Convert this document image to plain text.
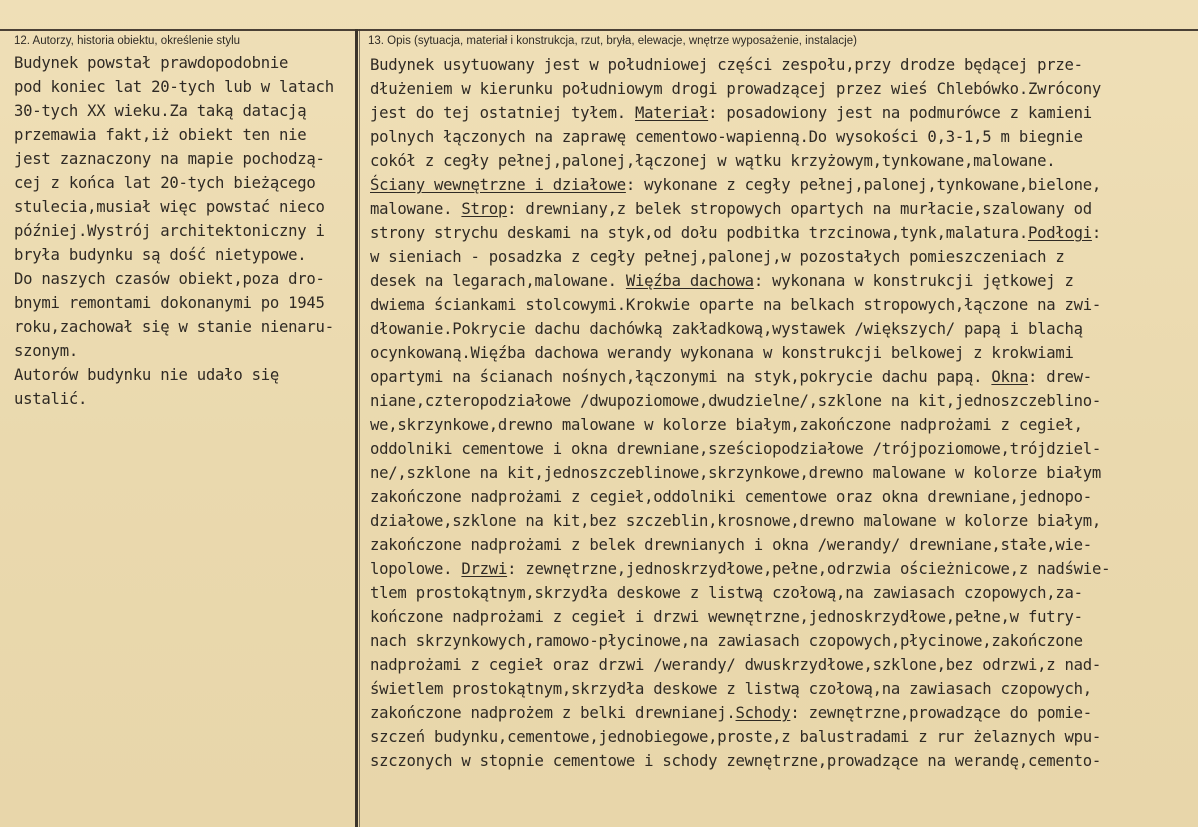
12. Autorzy, historia obiektu, określenie stylu	13. Opis (sytuacja, materiał i konstrukcja, rzut, bryła, elewacje, wnętrze wyposażenie, instalacje)
Budynek powstał prawdopodobnie
pod koniec lat 20-tych lub w latach
30-tych XX wieku.Za taką datacją
przemawia fakt,iż obiekt ten nie
jest zaznaczony na mapie pochodzą-
cej z końca lat 20-tych bieżącego
stulecia,musiał więc powstać nieco
później.Wystrój architektoniczny i
bryła budynku są dość nietypowe.
Do naszych czasów obiekt,poza dro-
bnymi remontami dokonanymi po 1945
roku,zachował się w stanie nienaru-
szonym.
Autorów budynku nie udało się
ustalić.
Budynek usytuowany jest w południowej części zespołu,przy drodze będącej prze-
dłużeniem w kierunku południowym drogi prowadzącej przez wieś Chlebówko.Zwrócony
jest do tej ostatniej tyłem. Materiał: posadowiony jest na podmurówce z kamieni
polnych łączonych na zaprawę cementowo-wapienną.Do wysokości 0,3-1,5 m biegnie
cokół z cegły pełnej,palonej,łączonej w wątku krzyżowym,tynkowane,malowane.
Ściany wewnętrzne i działowe: wykonane z cegły pełnej,palonej,tynkowane,bielone,
malowane. Strop: drewniany,z belek stropowych opartych na murłacie,szalowany od
strony strychu deskami na styk,od dołu podbitka trzcinowa,tynk,malatura.Podłogi:
w sieniach - posadzka z cegły pełnej,palonej,w pozostałych pomieszczeniach z
desek na legarach,malowane. Więźba dachowa: wykonana w konstrukcji jętkowej z
dwiema ściankami stolcowymi.Krokwie oparte na belkach stropowych,łączone na zwi-
dłowanie.Pokrycie dachu dachówką zakładkową,wystawek /większych/ papą i blachą
ocynkowaną.Więźba dachowa werandy wykonana w konstrukcji belkowej z krokwiami
opartymi na ścianach nośnych,łączonymi na styk,pokrycie dachu papą. Okna: drew-
niane,czteropodziałowe /dwupoziomowe,dwudzielne/,szklone na kit,jednoszczeblino-
we,skrzynkowe,drewno malowane w kolorze białym,zakończone nadprożami z cegieł,
oddolniki cementowe i okna drewniane,sześciopodziałowe /trójpoziomowe,trójdziel-
ne/,szklone na kit,jednoszczeblinowe,skrzynkowe,drewno malowane w kolorze białym
zakończone nadprożami z cegieł,oddolniki cementowe oraz okna drewniane,jednopo-
działowe,szklone na kit,bez szczeblin,krosnowe,drewno malowane w kolorze białym,
zakończone nadprożami z belek drewnianych i okna /werandy/ drewniane,stałe,wie-
lopolowe. Drzwi: zewnętrzne,jednoskrzydłowe,pełne,odrzwia ościeżnicowe,z nadświe-
tlem prostokątnym,skrzydła deskowe z listwą czołową,na zawiasach czopowych,za-
kończone nadprożami z cegieł i drzwi wewnętrzne,jednoskrzydłowe,pełne,w futry-
nach skrzynkowych,ramowo-płycinowe,na zawiasach czopowych,płycinowe,zakończone
nadprożami z cegieł oraz drzwi /werandy/ dwuskrzydłowe,szklone,bez odrzwi,z nad-
świetlem prostokątnym,skrzydła deskowe z listwą czołową,na zawiasach czopowych,
zakończone nadprożem z belki drewnianej.Schody: zewnętrzne,prowadzące do pomie-
szczeń budynku,cementowe,jednobiegowe,proste,z balustradami z rur żelaznych wpu-
szczonych w stopnie cementowe i schody zewnętrzne,prowadzące na werandę,cemento-
